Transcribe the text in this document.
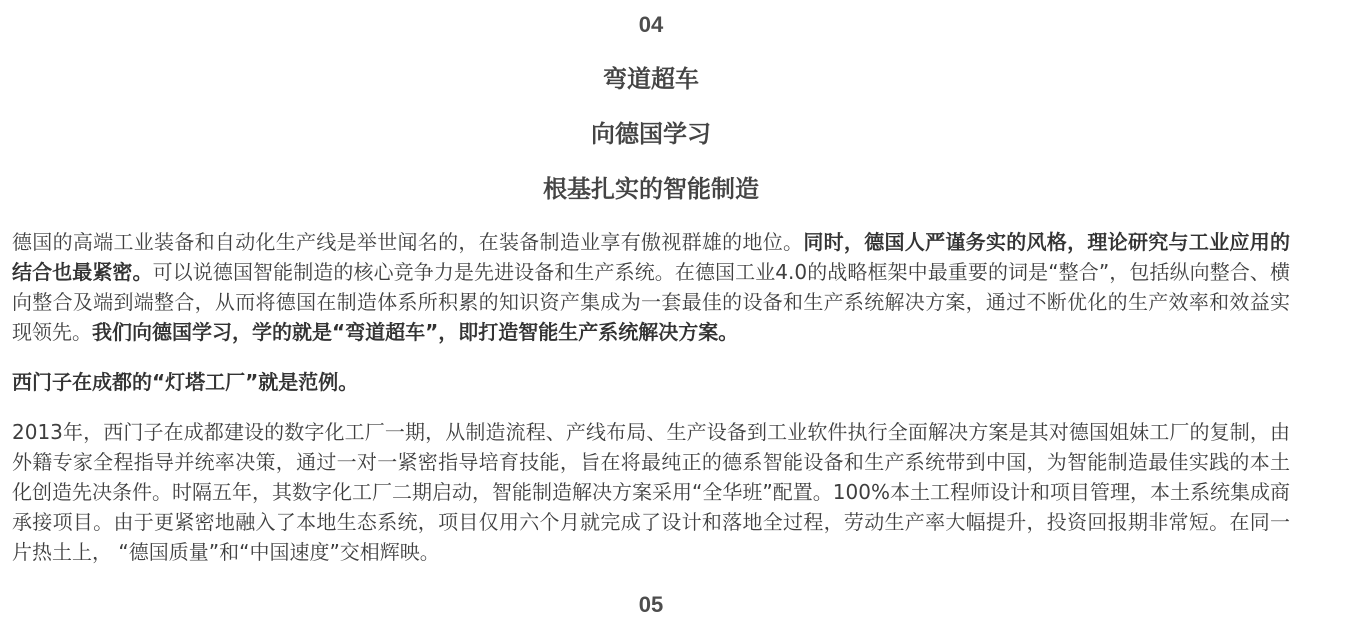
04
弯道超车
向德国学习
根基扎实的智能制造

德国的高端工业装备和自动化生产线是举世闻名的，在装备制造业享有傲视群雄的地位。同时，德国人严谨务实的风格，理论研究与工业应用的结合也最紧密。可以说德国智能制造的核心竞争力是先进设备和生产系统。在德国工业4.0的战略框架中最重要的词是“整合”，包括纵向整合、横向整合及端到端整合，从而将德国在制造体系所积累的知识资产集成为一套最佳的设备和生产系统解决方案，通过不断优化的生产效率和效益实现领先。我们向德国学习，学的就是“弯道超车”，即打造智能生产系统解决方案。

西门子在成都的“灯塔工厂”就是范例。

2013年，西门子在成都建设的数字化工厂一期，从制造流程、产线布局、生产设备到工业软件执行全面解决方案是其对德国姐妹工厂的复制，由外籍专家全程指导并统率决策，通过一对一紧密指导培育技能，旨在将最纯正的德系智能设备和生产系统带到中国，为智能制造最佳实践的本土化创造先决条件。时隔五年，其数字化工厂二期启动，智能制造解决方案采用“全华班”配置。100%本土工程师设计和项目管理，本土系统集成商承接项目。由于更紧密地融入了本地生态系统，项目仅用六个月就完成了设计和落地全过程，劳动生产率大幅提升，投资回报期非常短。在同一片热土上， “德国质量”和“中国速度”交相辉映。

05
